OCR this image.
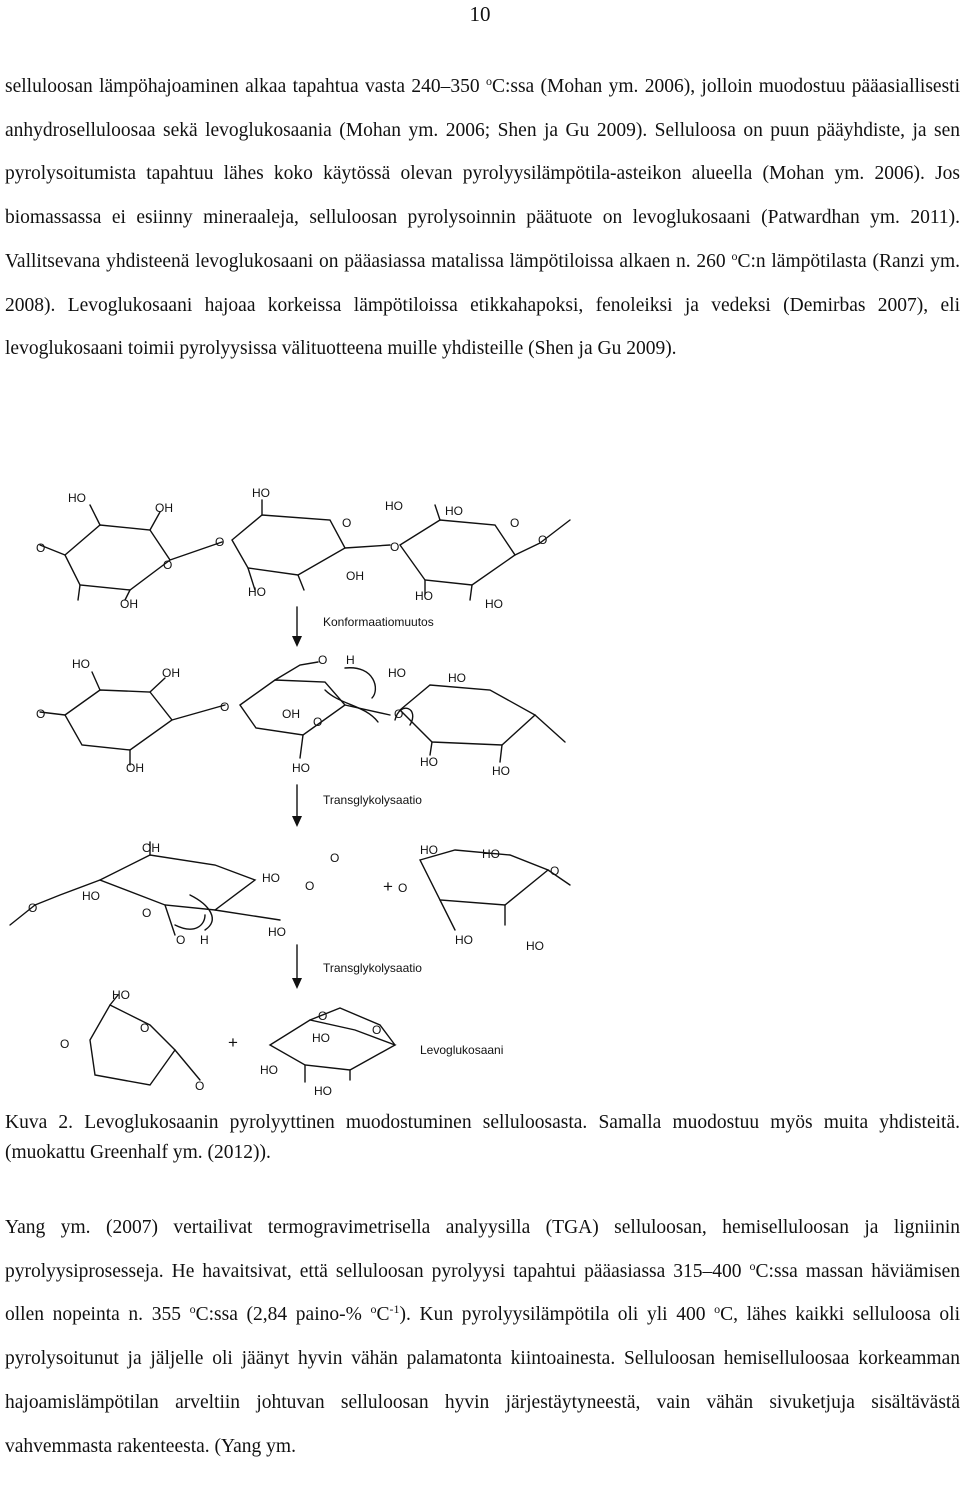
10

selluloosan lämpöhajoaminen alkaa tapahtua vasta 240–350 $^o$C:ssa (Mohan ym. 2006), jolloin muodostuu pääasiallisesti anhydroselluloosaa sekä levoglukosaania (Mohan ym. 2006; Shen ja Gu 2009). Selluloosa on puun pääyhdiste, ja sen pyrolysoitumista tapahtuu lähes koko käytössä olevan pyrolyysilämpötila-asteikon alueella (Mohan ym. 2006). Jos biomassassa ei esiinny mineraaleja, selluloosan pyrolysoinnin päätuote on levoglukosaani (Patwardhan ym. 2011). Vallitsevana yhdisteenä levoglukosaani on pääasiassa matalissa lämpötiloissa alkaen n. 260 $^o$C:n lämpötilasta (Ranzi ym. 2008). Levoglukosaani hajoaa korkeissa lämpötiloissa etikkahapoksi, fenoleiksi ja vedeksi (Demirbas 2007), eli levoglukosaani toimii pyrolyysissa välituotteena muille yhdisteille (Shen ja Gu 2009).

HO
OH
HO
HO	HO
O	O
O
O
O
O
O
OH
OH
HO	HO
HO
HO
OH
O H
HO	HO
O	O	OH
O
O
OH	HO	HO
HO
OH
O
HO
O
HO
O
O
O H
HO
HO	HO
O
O
HO	HO
HO
O
O
O
O
HO
O
HO
HO
Konformaatiomuutos
Transglykolysaatio
Transglykolysaatio
Levoglukosaani
+
+

Kuva 2. Levoglukosaanin pyrolyyttinen muodostuminen selluloosasta. Samalla muodostuu myös muita yhdisteitä. (muokattu Greenhalf ym. (2012)).

Yang ym. (2007) vertailivat termogravimetrisella analyysilla (TGA) selluloosan, hemiselluloosan ja ligniinin pyrolyysiprosesseja. He havaitsivat, että selluloosan pyrolyysi tapahtui pääasiassa 315–400 $^o$C:ssa massan häviämisen ollen nopeinta n. 355 $^o$C:ssa (2,84 paino-% $^oC^{-1}$). Kun pyrolyysilämpötila oli yli 400 $^o$C, lähes kaikki selluloosa oli pyrolysoitunut ja jäljelle oli jäänyt hyvin vähän palamatonta kiintoainesta. Selluloosan hemiselluloosaa korkeamman hajoamislämpötilan arveltiin johtuvan selluloosan hyvin järjestäytyneestä, vain vähän sivuketjuja sisältävästä vahvemmasta rakenteesta. (Yang ym.
